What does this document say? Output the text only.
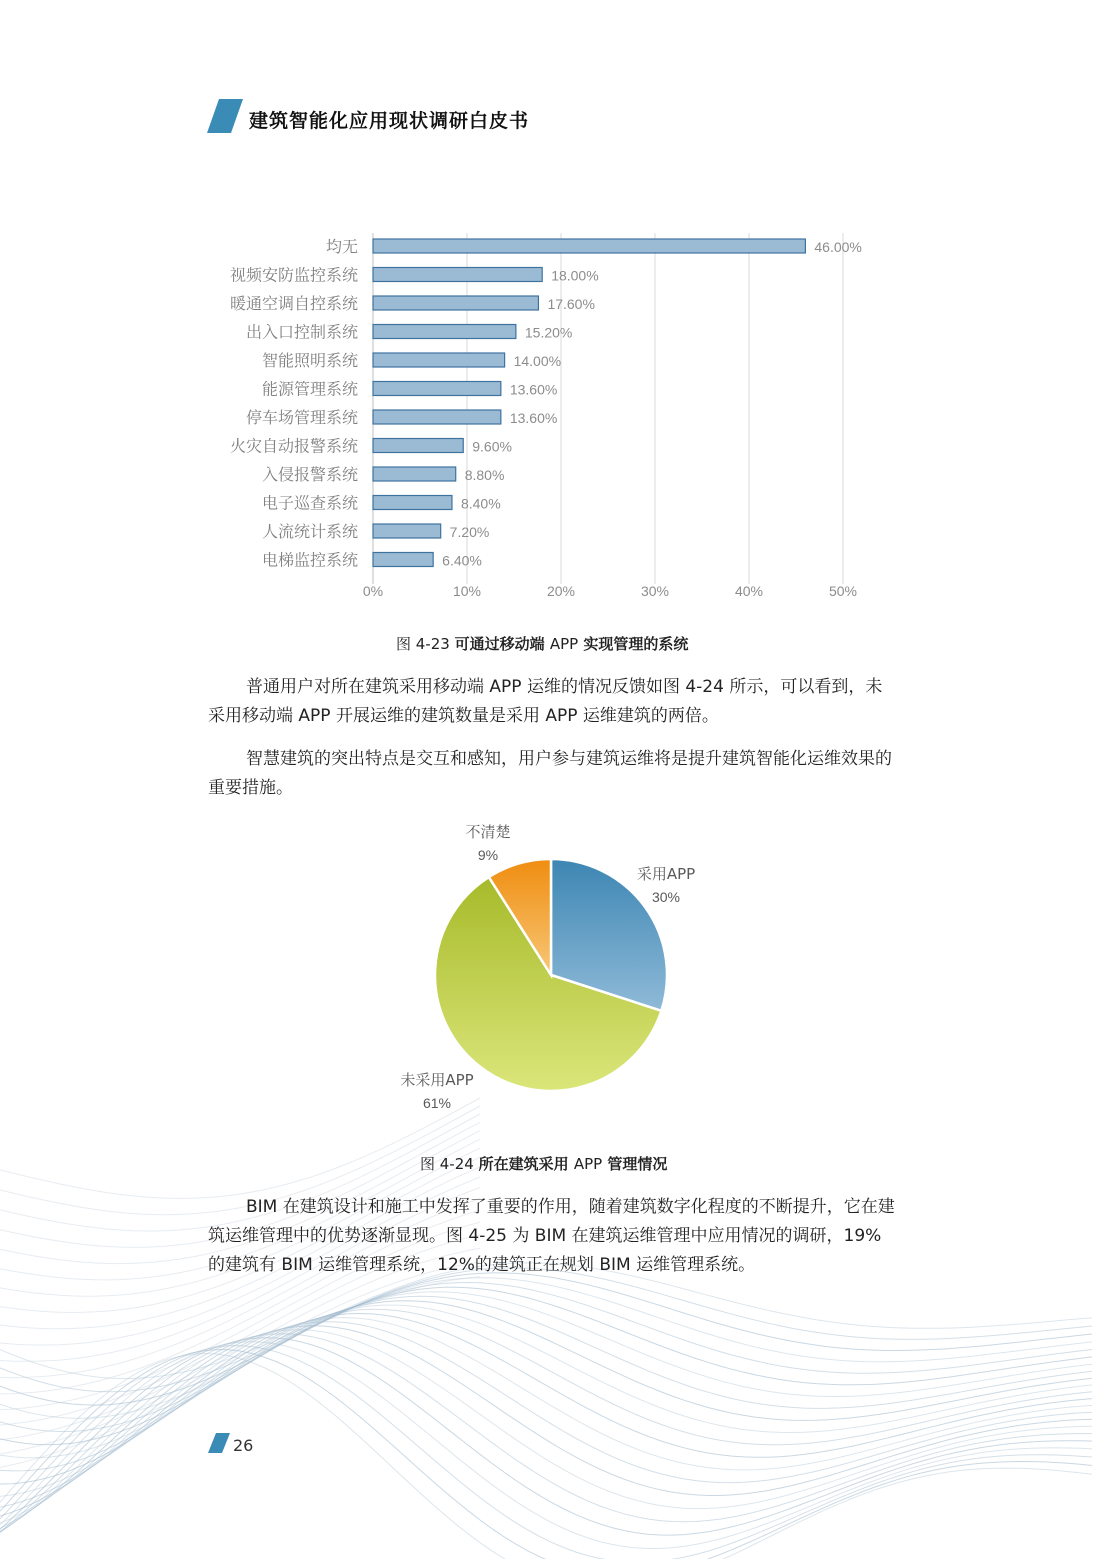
建筑智能化应用现状调研白皮书
0%	10%	20%	30%	40%	50%
均无	46.00%
视频安防监控系统	18.00%
暖通空调自控系统	17.60%
出入口控制系统	15.20%
智能照明系统	14.00%
能源管理系统	13.60%
停车场管理系统	13.60%
火灾自动报警系统	9.60%
入侵报警系统	8.80%
电子巡查系统	8.40%
人流统计系统	7.20%
电梯监控系统	6.40%
图 4-23 可通过移动端 APP 实现管理的系统

普通用户对所在建筑采用移动端 APP 运维的情况反馈如图 4-24 所示，可以看到，未采用移动端 APP 开展运维的建筑数量是采用 APP 运维建筑的两倍。

智慧建筑的突出特点是交互和感知，用户参与建筑运维将是提升建筑智能化运维效果的重要措施。

采用APP
30%
未采用APP
61%
不清楚
9%
图 4-24 所在建筑采用 APP 管理情况

BIM 在建筑设计和施工中发挥了重要的作用，随着建筑数字化程度的不断提升，它在建筑运维管理中的优势逐渐显现。图 4-25 为 BIM 在建筑运维管理中应用情况的调研，19%的建筑有 BIM 运维管理系统，12%的建筑正在规划 BIM 运维管理系统。

26
